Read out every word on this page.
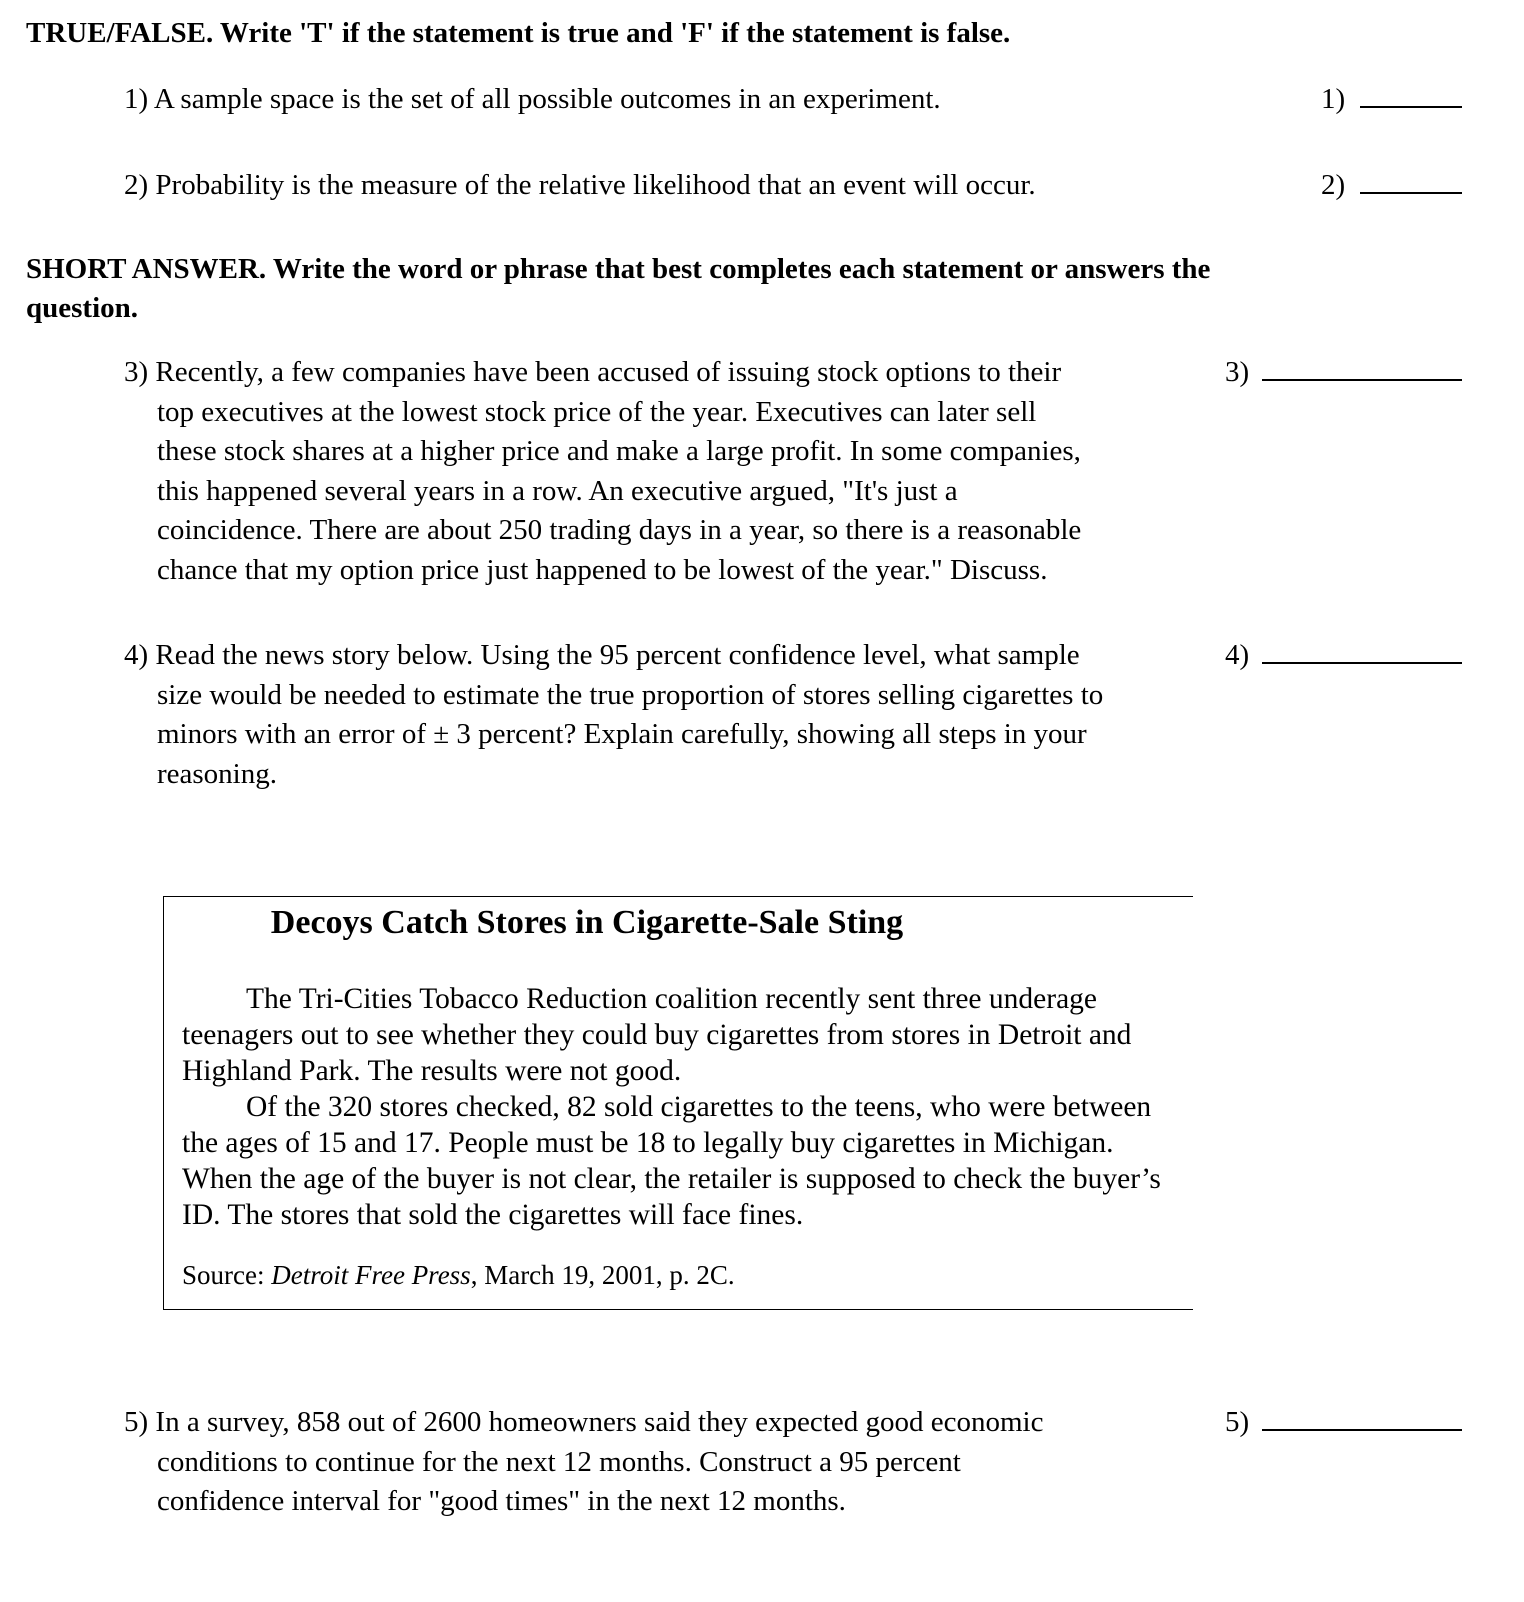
TRUE/FALSE. Write 'T' if the statement is true and 'F' if the statement is false.
1) A sample space is the set of all possible outcomes in an experiment.	1)
2) Probability is the measure of the relative likelihood that an event will occur.	2)
SHORT ANSWER. Write the word or phrase that best completes each statement or answers the
question.
3) Recently, a few companies have been accused of issuing stock options to their
top executives at the lowest stock price of the year. Executives can later sell
these stock shares at a higher price and make a large profit. In some companies,
this happened several years in a row. An executive argued, "It's just a
coincidence. There are about 250 trading days in a year, so there is a reasonable
chance that my option price just happened to be lowest of the year." Discuss.
3)
4) Read the news story below. Using the 95 percent confidence level, what sample
size would be needed to estimate the true proportion of stores selling cigarettes to
minors with an error of ± 3 percent? Explain carefully, showing all steps in your
reasoning.
4)
Decoys Catch Stores in Cigarette-Sale Sting

The Tri-Cities Tobacco Reduction coalition recently sent three underage teenagers out to see whether they could buy cigarettes from stores in Detroit and Highland Park. The results were not good.

Of the 320 stores checked, 82 sold cigarettes to the teens, who were between the ages of 15 and 17. People must be 18 to legally buy cigarettes in Michigan. When the age of the buyer is not clear, the retailer is supposed to check the buyer’s ID. The stores that sold the cigarettes will face fines.

Source: Detroit Free Press, March 19, 2001, p. 2C.
5) In a survey, 858 out of 2600 homeowners said they expected good economic
conditions to continue for the next 12 months. Construct a 95 percent
confidence interval for "good times" in the next 12 months.
5)
